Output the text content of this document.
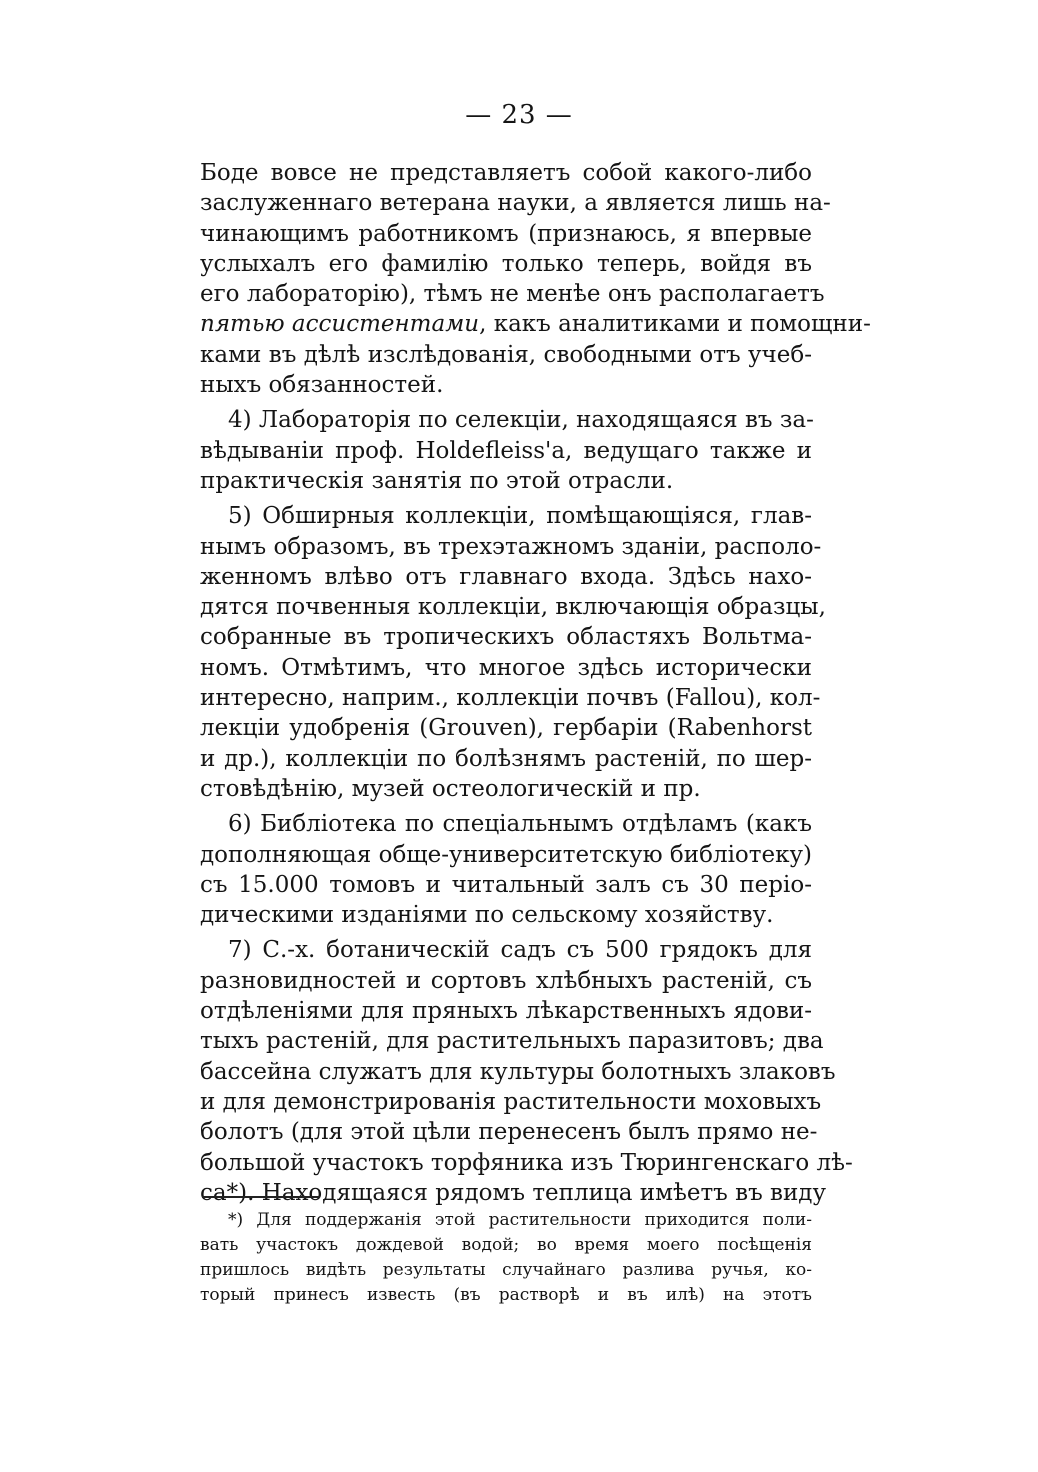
— 23 —
Боде вовсе не представляетъ собой какого-либо
заслуженнаго ветерана науки, а является лишь на-
чинающимъ работникомъ (признаюсь, я впервые
услыхалъ его фамилію только теперь, войдя въ
его лабораторію), тѣмъ не менѣе онъ располагаетъ
пятью ассистентами, какъ аналитиками и помощни-
ками въ дѣлѣ изслѣдованія, свободными отъ учеб-
ныхъ обязанностей.
4) Лабораторія по селекціи, находящаяся въ за-
вѣдываніи проф. Holdefleiss'а, ведущаго также и
практическія занятія по этой отрасли.
5) Обширныя коллекціи, помѣщающіяся, глав-
нымъ образомъ, въ трехэтажномъ зданіи, располо-
женномъ влѣво отъ главнаго входа. Здѣсь нахо-
дятся почвенныя коллекціи, включающія образцы,
собранные въ тропическихъ областяхъ Вольтма-
номъ. Отмѣтимъ, что многое здѣсь исторически
интересно, наприм., коллекціи почвъ (Fallou), кол-
лекціи удобренія (Grouven), гербаріи (Rabenhorst
и др.), коллекціи по болѣзнямъ растеній, по шер-
стовѣдѣнію, музей остеологическій и пр.
6) Библіотека по спеціальнымъ отдѣламъ (какъ
дополняющая обще-университетскую библіотеку)
съ 15.000 томовъ и читальный залъ съ 30 періо-
дическими изданіями по сельскому хозяйству.
7) С.-х. ботаническій садъ съ 500 грядокъ для
разновидностей и сортовъ хлѣбныхъ растеній, съ
отдѣленіями для пряныхъ лѣкарственныхъ ядови-
тыхъ растеній, для растительныхъ паразитовъ; два
бассейна служатъ для культуры болотныхъ злаковъ
и для демонстрированія растительности моховыхъ
болотъ (для этой цѣли перенесенъ былъ прямо не-
большой участокъ торфяника изъ Тюрингенскаго лѣ-
са*). Находящаяся рядомъ теплица имѣетъ въ виду
*) Для поддержанія этой растительности приходится поли-
вать участокъ дождевой водой; во время моего посѣщенія
пришлось видѣть результаты случайнаго разлива ручья, ко-
торый принесъ известь (въ растворѣ и въ илѣ) на этотъ
